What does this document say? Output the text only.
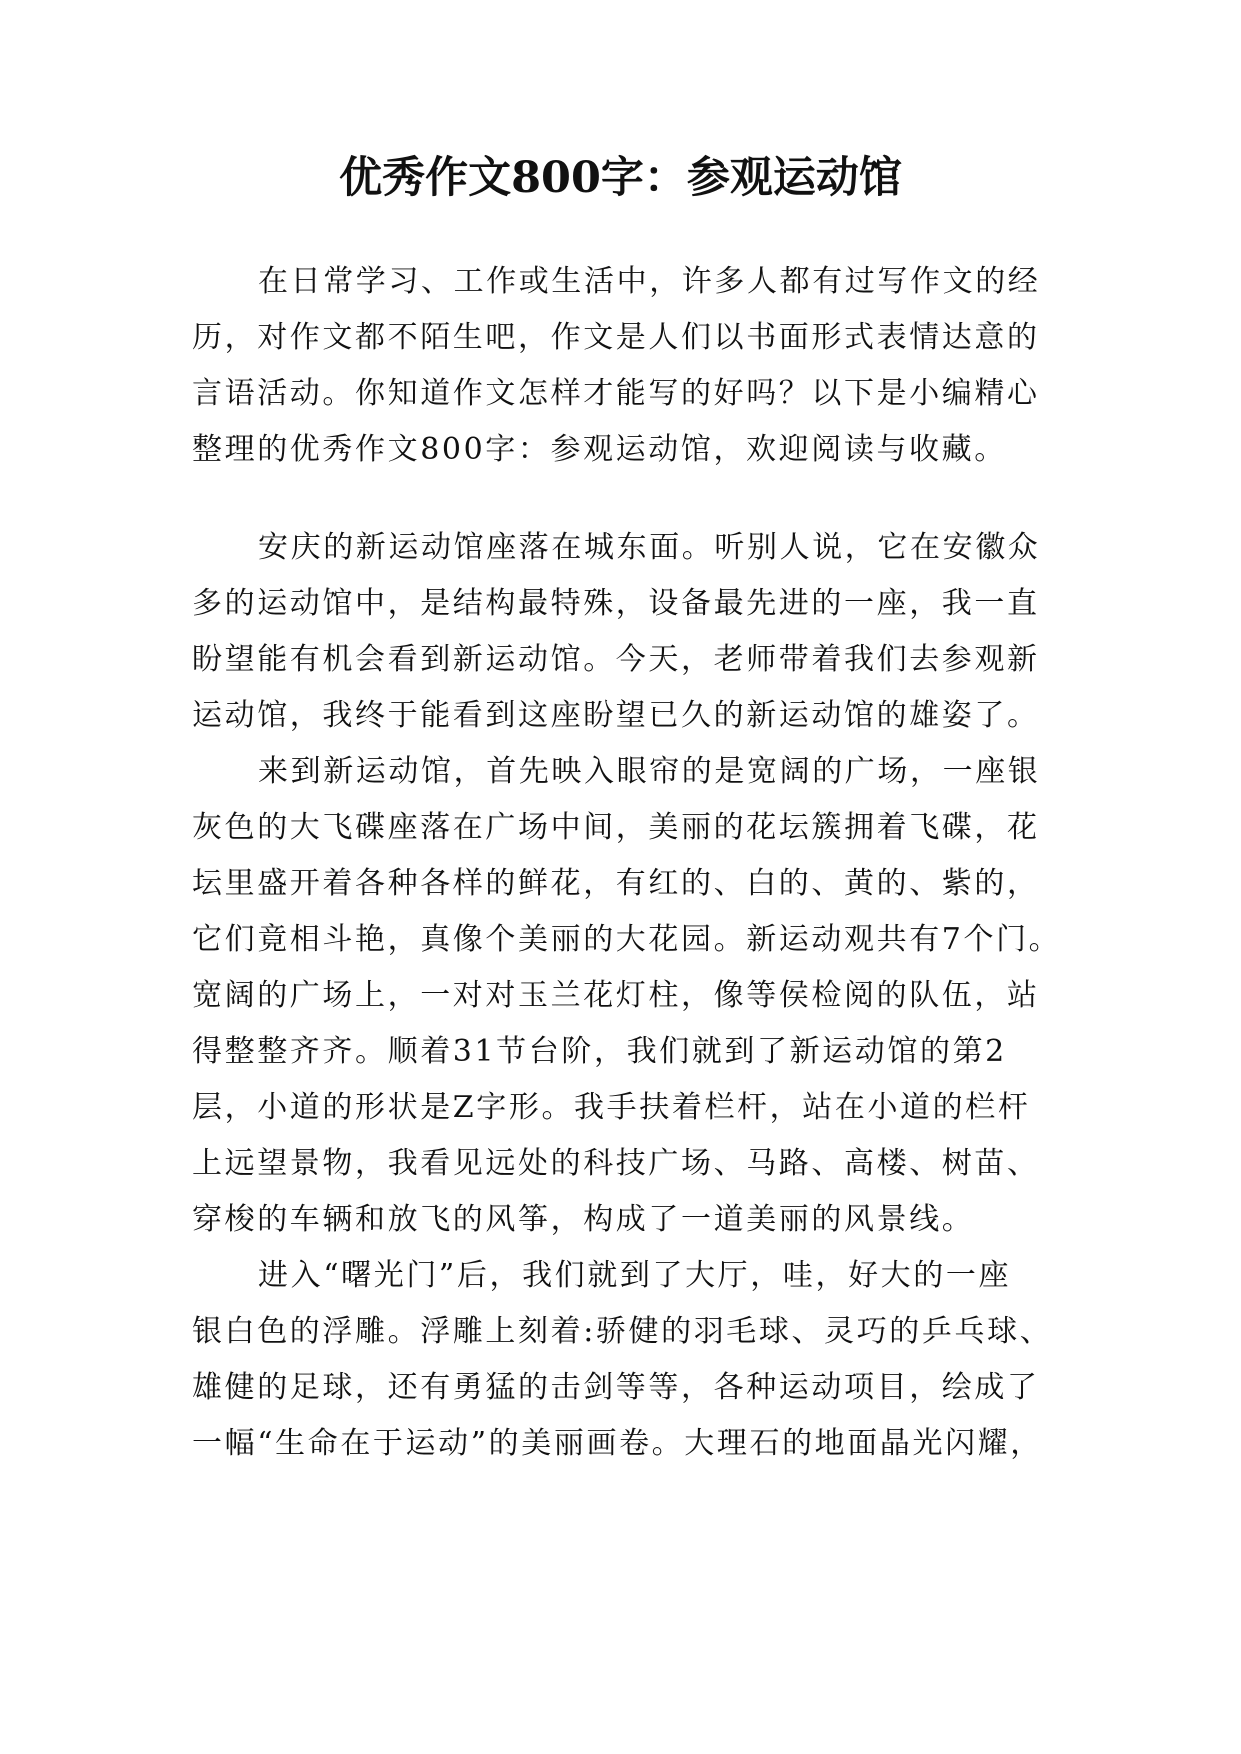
优秀作文800字：参观运动馆
在日常学习、工作或生活中，许多人都有过写作文的经
历，对作文都不陌生吧，作文是人们以书面形式表情达意的
言语活动。你知道作文怎样才能写的好吗？以下是小编精心
整理的优秀作文800字：参观运动馆，欢迎阅读与收藏。
安庆的新运动馆座落在城东面。听别人说，它在安徽众
多的运动馆中，是结构最特殊，设备最先进的一座，我一直
盼望能有机会看到新运动馆。今天，老师带着我们去参观新
运动馆，我终于能看到这座盼望已久的新运动馆的雄姿了。
来到新运动馆，首先映入眼帘的是宽阔的广场，一座银
灰色的大飞碟座落在广场中间，美丽的花坛簇拥着飞碟，花
坛里盛开着各种各样的鲜花，有红的、白的、黄的、紫的，
它们竟相斗艳，真像个美丽的大花园。新运动观共有7个门。
宽阔的广场上，一对对玉兰花灯柱，像等侯检阅的队伍，站
得整整齐齐。顺着31节台阶，我们就到了新运动馆的第2
层，小道的形状是Z字形。我手扶着栏杆，站在小道的栏杆
上远望景物，我看见远处的科技广场、马路、高楼、树苗、
穿梭的车辆和放飞的风筝，构成了一道美丽的风景线。
进入“曙光门”后，我们就到了大厅，哇，好大的一座
银白色的浮雕。浮雕上刻着:骄健的羽毛球、灵巧的乒乓球、
雄健的足球，还有勇猛的击剑等等，各种运动项目，绘成了
一幅“生命在于运动”的美丽画卷。大理石的地面晶光闪耀，
